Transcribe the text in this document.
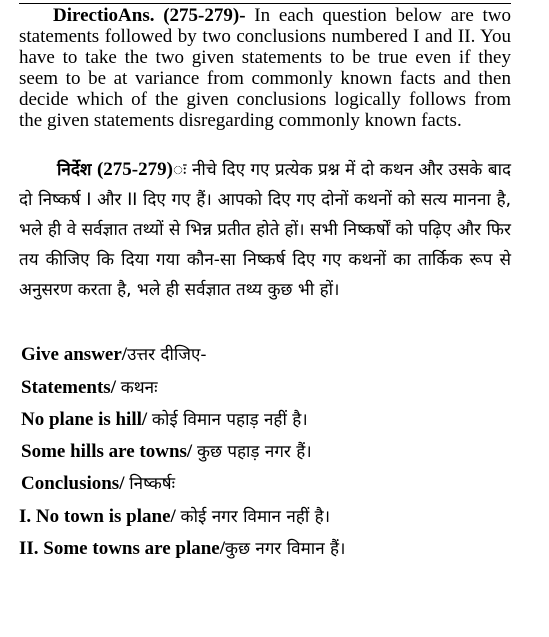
DirectioAns. (275-279)- In each question below are two statements followed by two conclusions numbered I and II. You have to take the two given statements to be true even if they seem to be at variance from commonly known facts and then decide which of the given conclusions logically follows from the given statements disregarding commonly known facts.
निर्देश (275-279)ः नीचे दिए गए प्रत्येक प्रश्न में दो कथन और उसके बाद दो निष्कर्ष I और II दिए गए हैं। आपको दिए गए दोनों कथनों को सत्य मानना है, भले ही वे सर्वज्ञात तथ्यों से भिन्न प्रतीत होते हों। सभी निष्कर्षों को पढ़िए और फिर तय कीजिए कि दिया गया कौन-सा निष्कर्ष दिए गए कथनों का तार्किक रूप से अनुसरण करता है, भले ही सर्वज्ञात तथ्य कुछ भी हों।
Give answer/उत्तर दीजिए-
Statements/ कथनः
No plane is hill/ कोई विमान पहाड़ नहीं है।
Some hills are towns/ कुछ पहाड़ नगर हैं।
Conclusions/ निष्कर्षः
I. No town is plane/ कोई नगर विमान नहीं है।
II. Some towns are plane/कुछ नगर विमान हैं।
